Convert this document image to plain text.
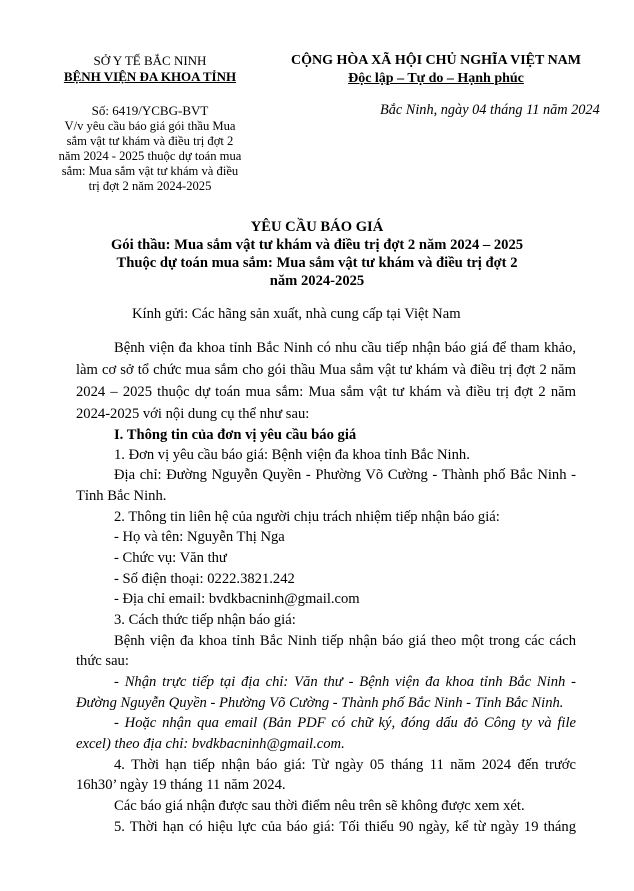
SỞ Y TẾ BẮC NINH
BỆNH VIỆN ĐA KHOA TỈNH
CỘNG HÒA XÃ HỘI CHỦ NGHĨA VIỆT NAM
Độc lập – Tự do – Hạnh phúc
Số: 6419/YCBG-BVT
V/v yêu cầu báo giá gói thầu Mua
sắm vật tư khám và điều trị đợt 2
năm 2024 - 2025 thuộc dự toán mua
sắm: Mua sắm vật tư khám và điều
trị đợt 2 năm 2024-2025
Bắc Ninh, ngày 04 tháng 11 năm 2024
YÊU CẦU BÁO GIÁ
Gói thầu: Mua sắm vật tư khám và điều trị đợt 2 năm 2024 – 2025
Thuộc dự toán mua sắm: Mua sắm vật tư khám và điều trị đợt 2
năm 2024-2025
Kính gửi: Các hãng sản xuất, nhà cung cấp tại Việt Nam
Bệnh viện đa khoa tỉnh Bắc Ninh có nhu cầu tiếp nhận báo giá để tham khảo,
làm cơ sở tổ chức mua sắm cho gói thầu Mua sắm vật tư khám và điều trị đợt 2 năm
2024 – 2025 thuộc dự toán mua sắm: Mua sắm vật tư khám và điều trị đợt 2 năm
2024-2025 với nội dung cụ thể như sau:
I. Thông tin của đơn vị yêu cầu báo giá
1. Đơn vị yêu cầu báo giá: Bệnh viện đa khoa tỉnh Bắc Ninh.
Địa chỉ: Đường Nguyễn Quyền - Phường Võ Cường - Thành phố Bắc Ninh -
Tỉnh Bắc Ninh.
2. Thông tin liên hệ của người chịu trách nhiệm tiếp nhận báo giá:
- Họ và tên: Nguyễn Thị Nga
- Chức vụ: Văn thư
- Số điện thoại: 0222.3821.242
- Địa chỉ email: bvdkbacninh@gmail.com
3. Cách thức tiếp nhận báo giá:
Bệnh viện đa khoa tỉnh Bắc Ninh tiếp nhận báo giá theo một trong các cách
thức sau:
- Nhận trực tiếp tại địa chỉ: Văn thư - Bệnh viện đa khoa tỉnh Bắc Ninh -
Đường Nguyễn Quyền - Phường Võ Cường - Thành phố Bắc Ninh - Tỉnh Bắc Ninh.
- Hoặc nhận qua email (Bản PDF có chữ ký, đóng dấu đỏ Công ty và file
excel) theo địa chỉ: bvdkbacninh@gmail.com.
4. Thời hạn tiếp nhận báo giá: Từ ngày 05 tháng 11 năm 2024 đến trước
16h30’ ngày 19 tháng 11 năm 2024.
Các báo giá nhận được sau thời điểm nêu trên sẽ không được xem xét.
5. Thời hạn có hiệu lực của báo giá: Tối thiểu 90 ngày, kể từ ngày 19 tháng
